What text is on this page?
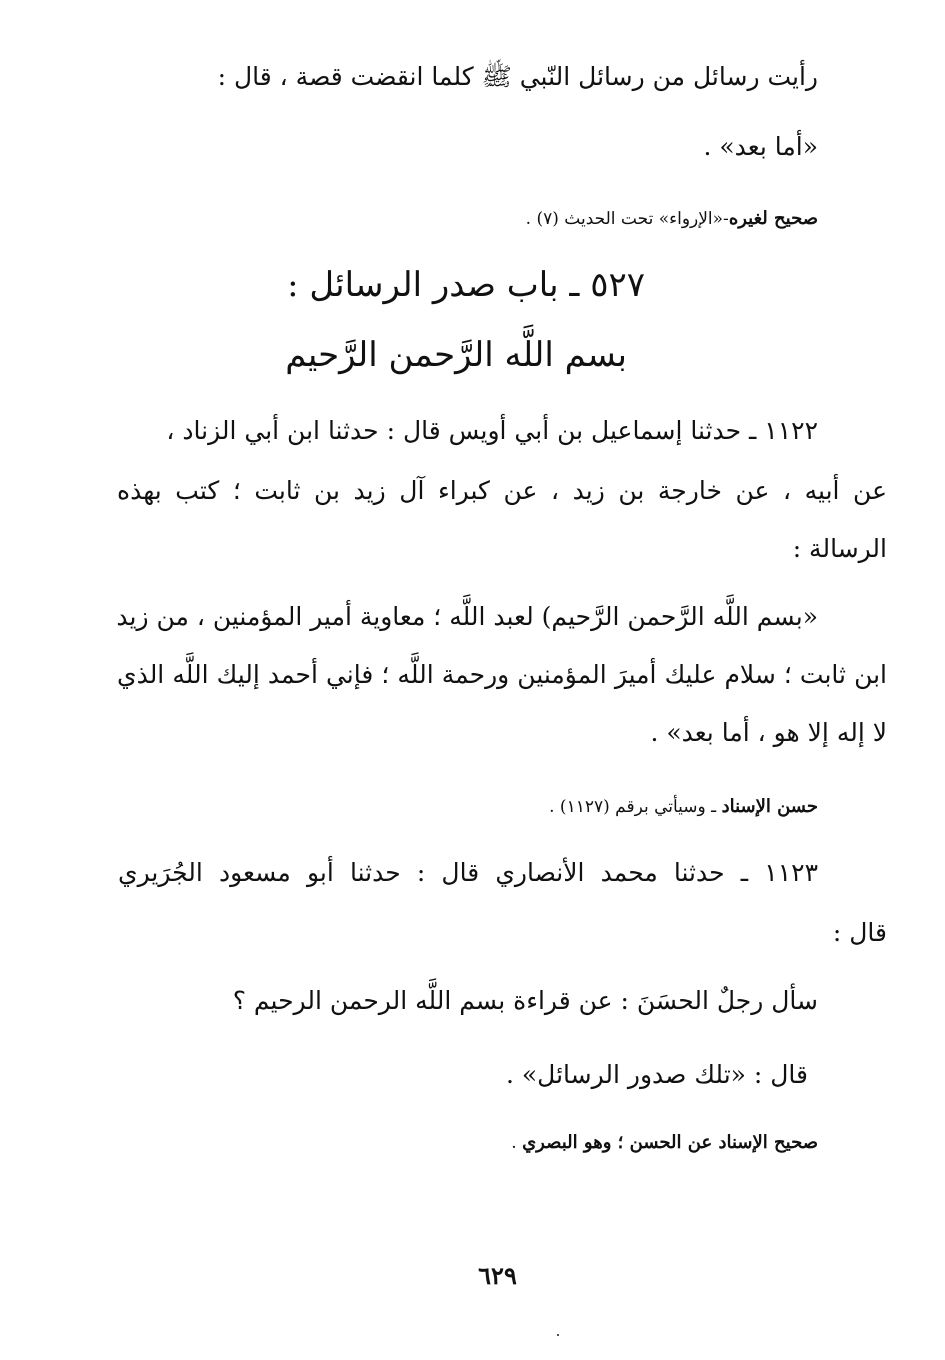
رأيت رسائل من رسائل النّبي ﷺ كلما انقضت قصة ، قال :

«أما بعد» .

صحيح لغيره-«الإرواء» تحت الحديث (٧) .

٥٢٧ ـ باب صدر الرسائل :

بسم اللَّه الرَّحمن الرَّحيم

١١٢٢ ـ حدثنا إسماعيل بن أبي أويس قال : حدثنا ابن أبي الزناد ،

عن أبيه ، عن خارجة بن زيد ، عن كبراء آل زيد بن ثابت ؛ كتب بهذه

الرسالة :

«بسم اللَّه الرَّحمن الرَّحيم) لعبد اللَّه ؛ معاوية أمير المؤمنين ، من زيد

ابن ثابت ؛ سلام عليك أميرَ المؤمنين ورحمة اللَّه ؛ فإني أحمد إليك اللَّه الذي

لا إله إلا هو ، أما بعد» .

حسن الإسناد ـ وسيأتي برقم (١١٢٧) .

١١٢٣ ـ حدثنا محمد الأنصاري قال : حدثنا أبو مسعود الجُرَيري

قال :

سأل رجلٌ الحسَنَ : عن قراءة بسم اللَّه الرحمن الرحيم ؟

قال : «تلك صدور الرسائل» .

صحيح الإسناد عن الحسن ؛ وهو البصري .

٦٢٩
